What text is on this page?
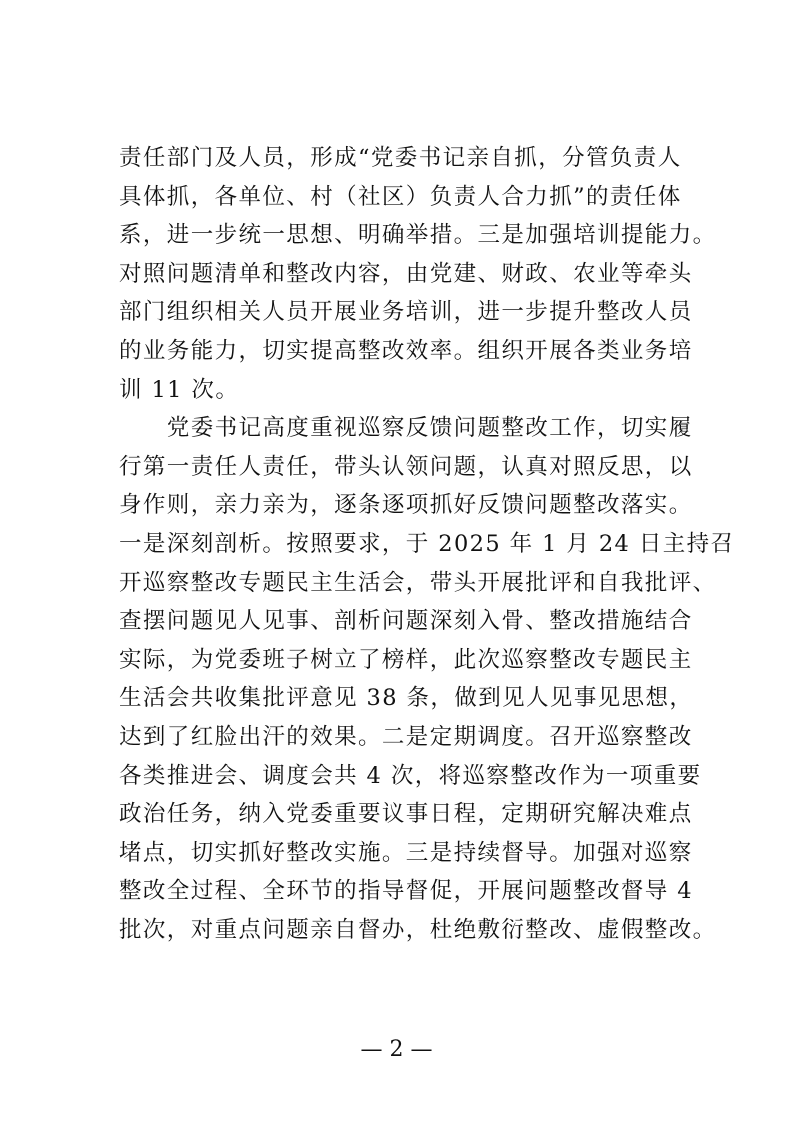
责任部门及人员，形成“党委书记亲自抓，分管负责人
具体抓，各单位、村（社区）负责人合力抓”的责任体
系，进一步统一思想、明确举措。三是加强培训提能力。
对照问题清单和整改内容，由党建、财政、农业等牵头
部门组织相关人员开展业务培训，进一步提升整改人员
的业务能力，切实提高整改效率。组织开展各类业务培
训 11 次。
　　党委书记高度重视巡察反馈问题整改工作，切实履
行第一责任人责任，带头认领问题，认真对照反思，以
身作则，亲力亲为，逐条逐项抓好反馈问题整改落实。
一是深刻剖析。按照要求，于 2025 年 1 月 24 日主持召
开巡察整改专题民主生活会，带头开展批评和自我批评、
查摆问题见人见事、剖析问题深刻入骨、整改措施结合
实际，为党委班子树立了榜样，此次巡察整改专题民主
生活会共收集批评意见 38 条，做到见人见事见思想，
达到了红脸出汗的效果。二是定期调度。召开巡察整改
各类推进会、调度会共 4 次，将巡察整改作为一项重要
政治任务，纳入党委重要议事日程，定期研究解决难点
堵点，切实抓好整改实施。三是持续督导。加强对巡察
整改全过程、全环节的指导督促，开展问题整改督导 4
批次，对重点问题亲自督办，杜绝敷衍整改、虚假整改。
— 2 —
